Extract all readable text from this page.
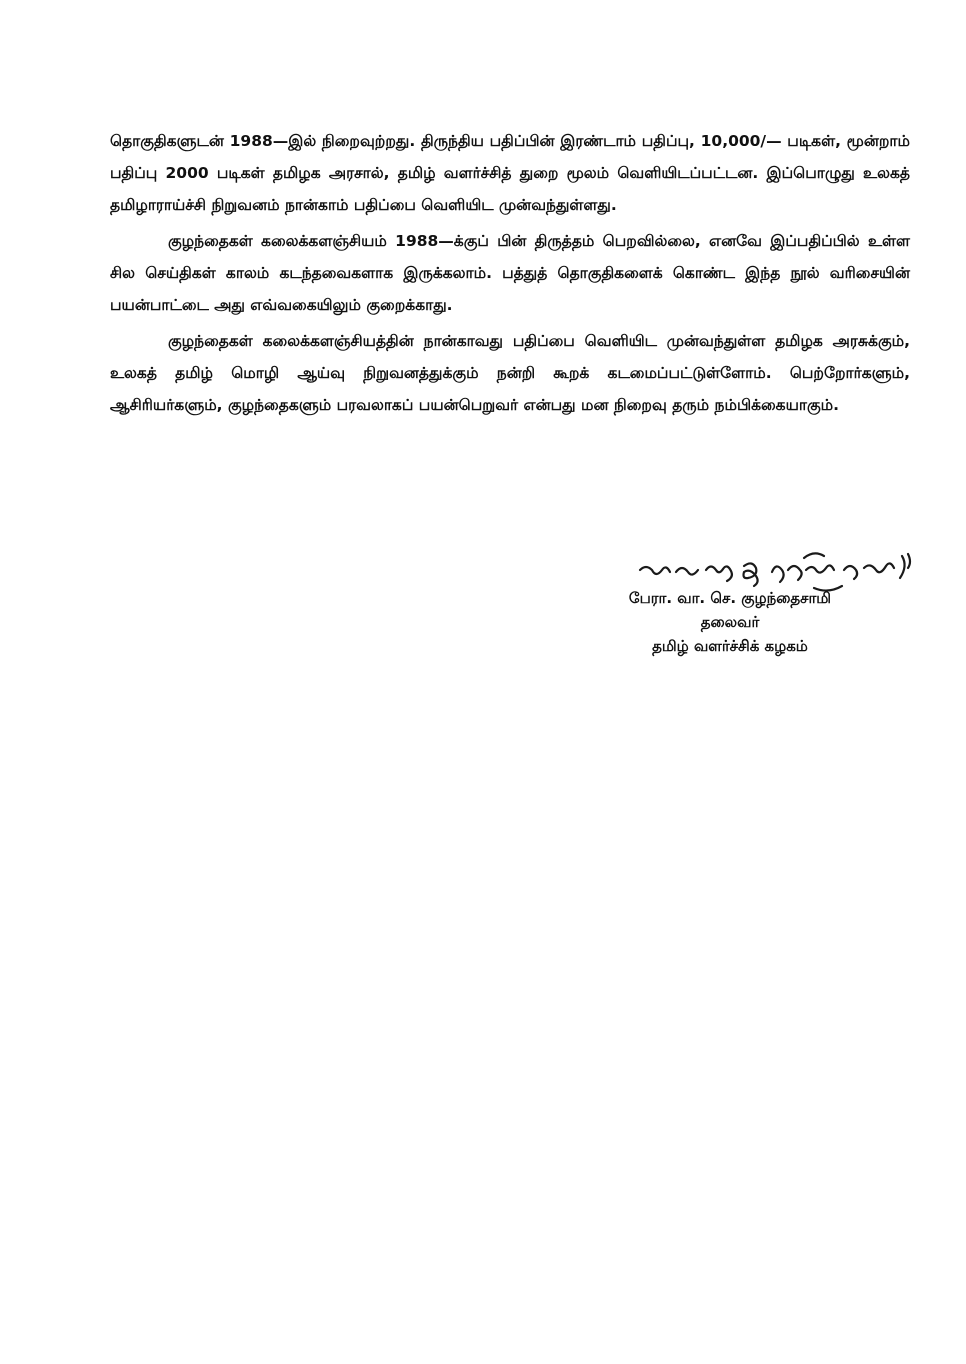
தொகுதிகளுடன் 1988—இல் நிறைவுற்றது. திருந்திய பதிப்பின் இரண்டாம் பதிப்பு, 10,000/— படிகள், மூன்றாம் பதிப்பு 2000 படிகள் தமிழக அரசால், தமிழ் வளர்ச்சித் துறை மூலம் வெளியிடப்பட்டன. இப்பொழுது உலகத் தமிழாராய்ச்சி நிறுவனம் நான்காம் பதிப்பை வெளியிட முன்வந்துள்ளது.

குழந்தைகள் கலைக்களஞ்சியம் 1988—க்குப் பின் திருத்தம் பெறவில்லை, எனவே இப்பதிப்பில் உள்ள சில செய்திகள் காலம் கடந்தவைகளாக இருக்கலாம். பத்துத் தொகுதிகளைக் கொண்ட இந்த நூல் வரிசையின் பயன்பாட்டை அது எவ்வகையிலும் குறைக்காது.

குழந்தைகள் கலைக்களஞ்சியத்தின் நான்காவது பதிப்பை வெளியிட முன்வந்துள்ள தமிழக அரசுக்கும், உலகத் தமிழ் மொழி ஆய்வு நிறுவனத்துக்கும் நன்றி கூறக் கடமைப்பட்டுள்ளோம். பெற்றோர்களும், ஆசிரியர்களும், குழந்தைகளும் பரவலாகப் பயன்பெறுவர் என்பது மன நிறைவு தரும் நம்பிக்கையாகும்.

பேரா. வா. செ. குழந்தைசாமி
தலைவர்
தமிழ் வளர்ச்சிக் கழகம்
